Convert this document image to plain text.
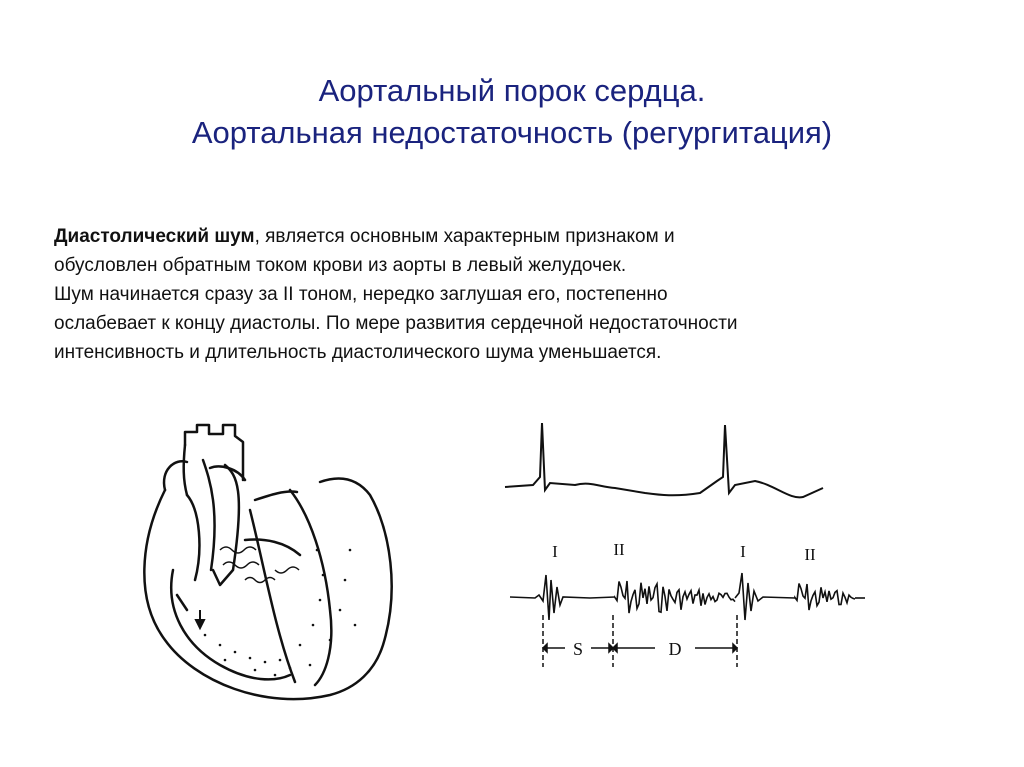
Аортальный порок сердца.
Аортальная недостаточность (регургитация)
Диастолический шум, является основным характерным признаком и
обусловлен обратным током крови из аорты в левый желудочек.
Шум начинается сразу за II тоном, нередко заглушая его, постепенно
ослабевает к концу диастолы. По мере развития сердечной недостаточности
интенсивность и длительность диастолического шума уменьшается.
I	II	I	II
S	D
